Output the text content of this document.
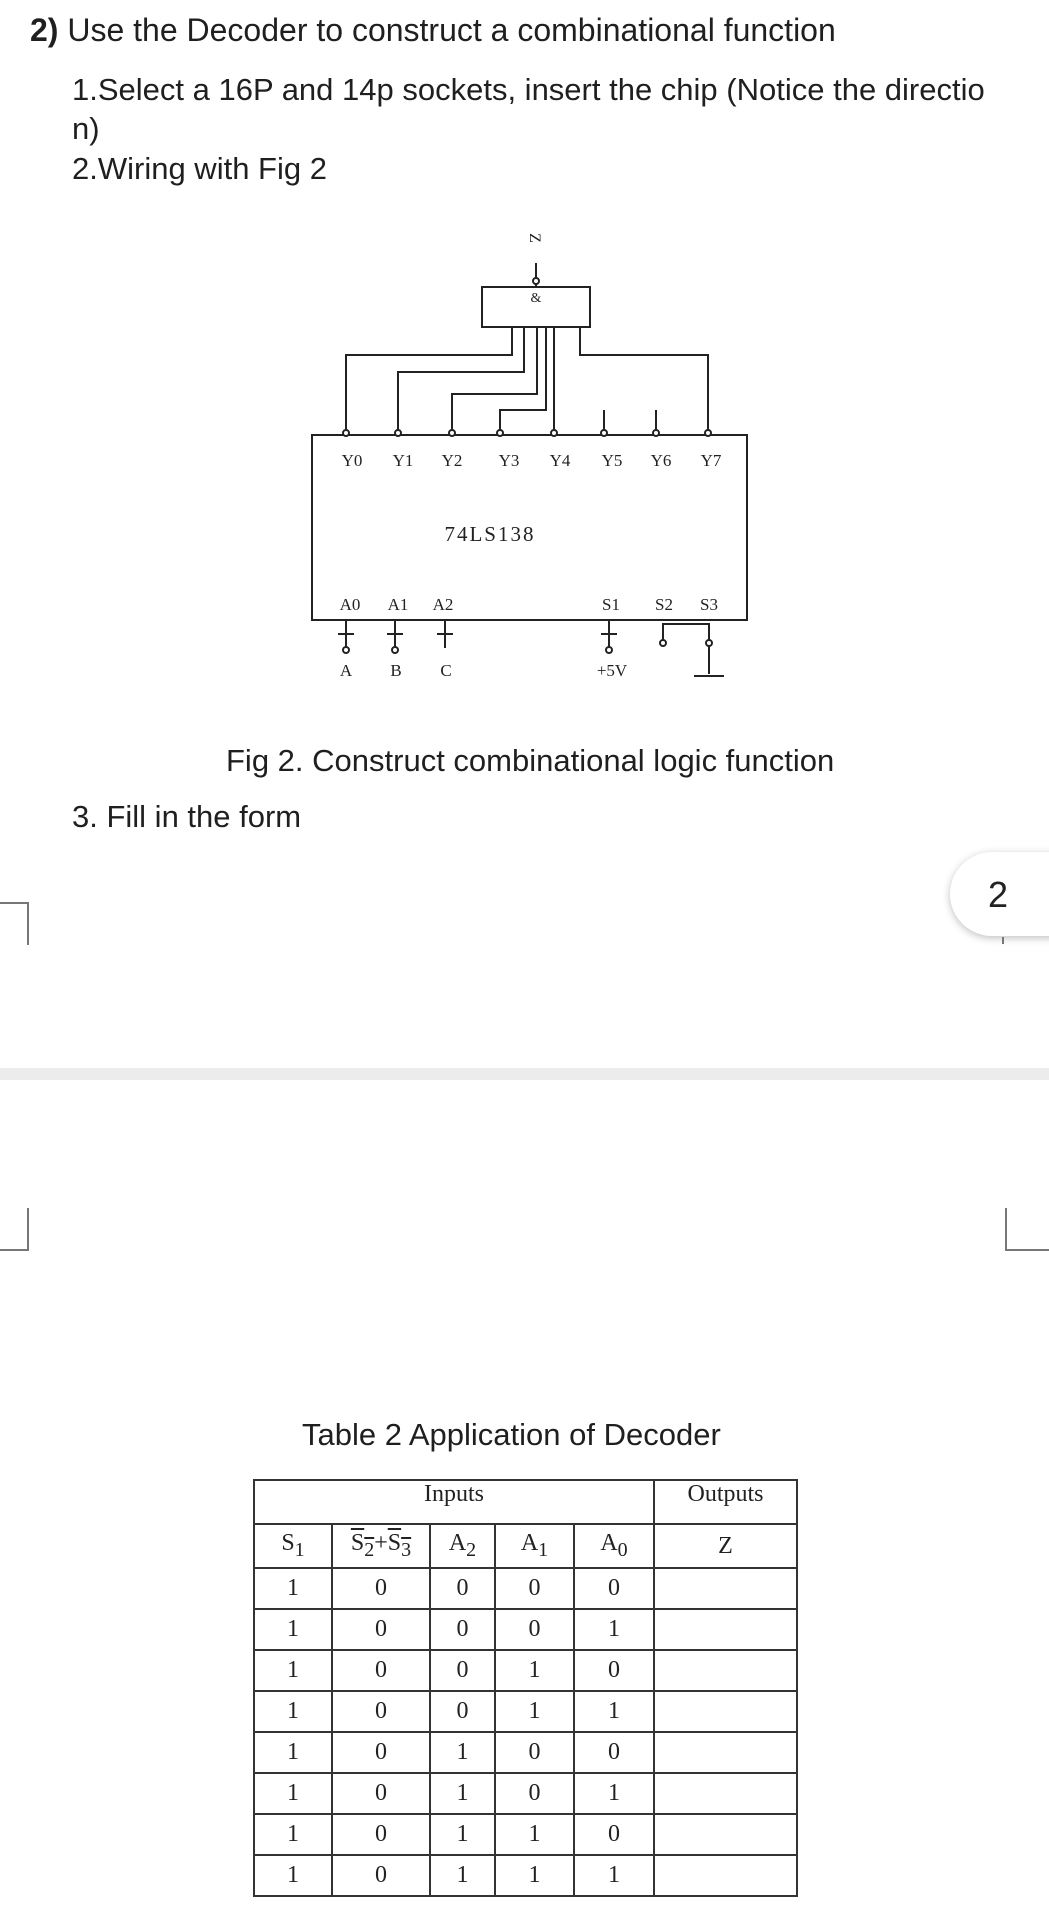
2) Use the Decoder to construct a combinational function
1.Select a 16P and 14p sockets, insert the chip (Notice the directio
n)
2.Wiring with Fig 2
Z
&
74LS138
Y0 Y1 Y2 Y3 Y4 Y5 Y6 Y7
A0 A1 A2	S1 S2 S3
A B C	+5V
Fig 2. Construct combinational logic function
3. Fill in the form
2
Table 2 Application of Decoder
Inputs					Outputs
$S_1$	$S_2+S_3$	$A_2$	$A_1$	$A_0$	Z
1	0	0	0	0	
1	0	0	0	1	
1	0	0	1	0	
1	0	0	1	1	
1	0	1	0	0	
1	0	1	0	1	
1	0	1	1	0	
1	0	1	1	1	
